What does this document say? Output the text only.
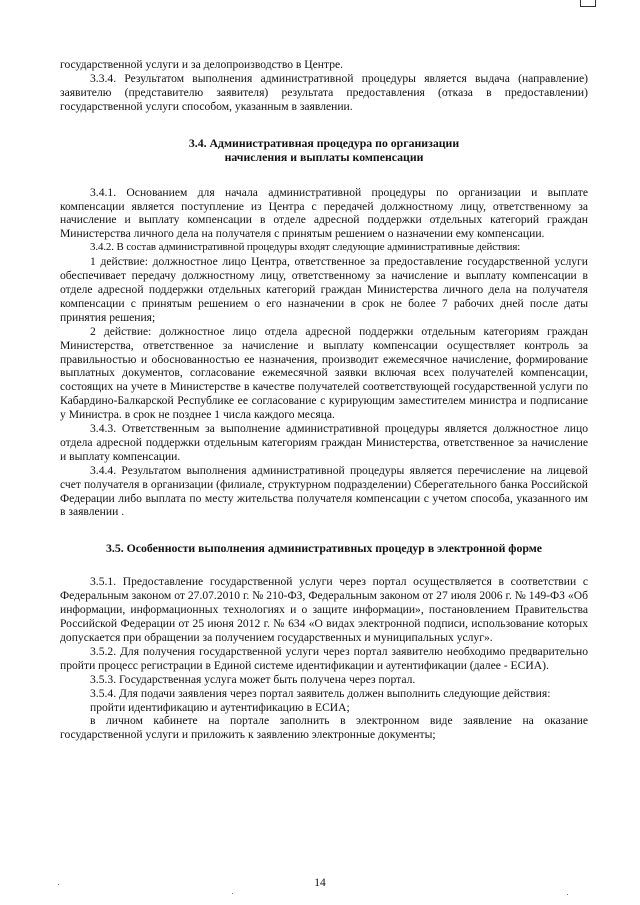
государственной услуги и за делопроизводство в Центре.

3.3.4. Результатом выполнения административной процедуры является выдача (направление) заявителю (представителю заявителя) результата предоставления (отказа в предоставлении) государственной услуги способом, указанным в заявлении.

3.4. Административная процедура по организации
начисления и выплаты компенсации

3.4.1. Основанием для начала административной процедуры по организации и выплате компенсации является поступление из Центра с передачей должностному лицу, ответственному за начисление и выплату компенсации в отделе адресной поддержки отдельных категорий граждан Министерства личного дела на получателя с принятым решением о назначении ему компенсации.

3.4.2. В состав административной процедуры входят следующие административные действия:

1 действие: должностное лицо Центра, ответственное за предоставление государственной услуги обеспечивает передачу должностному лицу, ответственному за начисление и выплату компенсации в отделе адресной поддержки отдельных категорий граждан Министерства личного дела на получателя компенсации с принятым решением о его назначении в срок не более 7 рабочих дней после даты принятия решения;

2 действие: должностное лицо отдела адресной поддержки отдельным категориям граждан Министерства, ответственное за начисление и выплату компенсации осуществляет контроль за правильностью и обоснованностью ее назначения, производит ежемесячное начисление, формирование выплатных документов, согласование ежемесячной заявки включая всех получателей компенсации, состоящих на учете в Министерстве в качестве получателей соответствующей государственной услуги по Кабардино-Балкарской Республике ее согласование с курирующим заместителем министра и подписание у Министра. в срок не позднее 1 числа каждого месяца.

3.4.3. Ответственным за выполнение административной процедуры является должностное лицо отдела адресной поддержки отдельным категориям граждан Министерства, ответственное за начисление и выплату компенсации.

3.4.4. Результатом выполнения административной процедуры является перечисление на лицевой счет получателя в организации (филиале, структурном подразделении) Сберегательного банка Российской Федерации либо выплата по месту жительства получателя компенсации с учетом способа, указанного им в заявлении .

3.5. Особенности выполнения административных процедур в электронной форме

3.5.1. Предоставление государственной услуги через портал осуществляется в соответствии с Федеральным законом от 27.07.2010 г. № 210-ФЗ, Федеральным законом от 27 июля 2006 г. № 149-ФЗ «Об информации, информационных технологиях и о защите информации», постановлением Правительства Российской Федерации от 25 июня 2012 г. № 634 «О видах электронной подписи, использование которых допускается при обращении за получением государственных и муниципальных услуг».

3.5.2. Для получения государственной услуги через портал заявителю необходимо предварительно пройти процесс регистрации в Единой системе идентификации и аутентификации (далее - ЕСИА).

3.5.3. Государственная услуга может быть получена через портал.

3.5.4. Для подачи заявления через портал заявитель должен выполнить следующие действия:

пройти идентификацию и аутентификацию в ЕСИА;

в личном кабинете на портале заполнить в электронном виде заявление на оказание государственной услуги и приложить к заявлению электронные документы;

14
